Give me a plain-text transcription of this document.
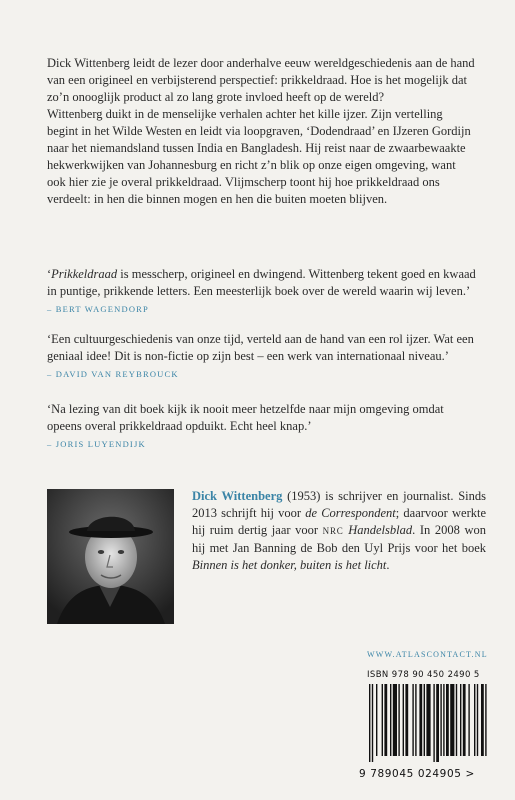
Dick Wittenberg leidt de lezer door anderhalve eeuw wereldgeschiedenis aan de hand van een origineel en verbijsterend perspectief: prikkeldraad. Hoe is het mogelijk dat zo’n onooglijk product al zo lang grote invloed heeft op de wereld?

Wittenberg duikt in de menselijke verhalen achter het kille ijzer. Zijn vertelling begint in het Wilde Westen en leidt via loopgraven, ‘Dodendraad’ en IJzeren Gordijn naar het niemandsland tussen India en Bangladesh. Hij reist naar de zwaarbewaakte hekwerkwijken van Johannesburg en richt z’n blik op onze eigen omgeving, want ook hier zie je overal prikkeldraad. Vlijmscherp toont hij hoe prikkeldraad ons verdeelt: in hen die binnen mogen en hen die buiten moeten blijven.

‘Prikkeldraad is messcherp, origineel en dwingend. Wittenberg tekent goed en kwaad in puntige, prikkende letters. Een meesterlijk boek over de wereld waarin wij leven.’ – BERT WAGENDORP
‘Een cultuurgeschiedenis van onze tijd, verteld aan de hand van een rol ijzer. Wat een geniaal idee! Dit is non-fictie op zijn best – een werk van internationaal niveau.’ – DAVID VAN REYBROUCK
‘Na lezing van dit boek kijk ik nooit meer hetzelfde naar mijn omgeving omdat opeens overal prikkeldraad opduikt. Echt heel knap.’
– JORIS LUYENDIJK
Dick Wittenberg (1953) is schrijver en journalist. Sinds 2013 schrijft hij voor de Correspondent; daarvoor werkte hij ruim dertig jaar voor NRC Handelsblad. In 2008 won hij met Jan Banning de Bob den Uyl Prijs voor het boek Binnen is het donker, buiten is het licht.
WWW.ATLASCONTACT.NL
ISBN 978 90 450 2490 5
9 789045 024905 >
